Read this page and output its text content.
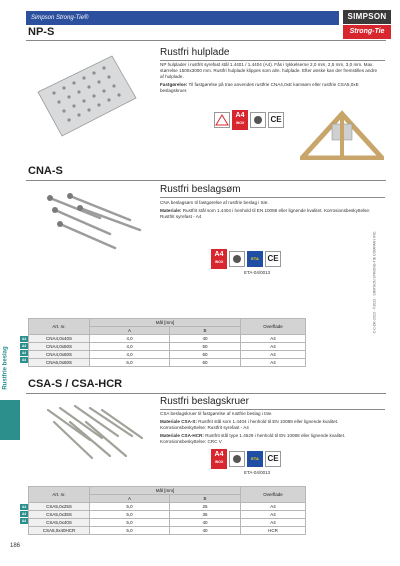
Simpson Strong-Tie®	SIMPSON
Strong-Tie
NP-S
Rustfri hulplade

NP hulplader i rustfrit syrefast stål 1.4401 / 1.4404 (A4). Fås i tykkelserne 2,0 mm, 2,5 mm, 3,0 mm. Max. størrelse 1500x3000 mm. Rustfri hulplade klippes som alm. hulplade. Efter ønske kan der fremstilles andre af hulplade.

Fastgørelse: Til fastgørelse på trae anvendes rustfrie CNA4,0xE kamsøm eller rustfrie CSA5,0xE beslagskruer.

A4
INOX	CE
CNA-S
Rustfri beslagsøm

CNA beslagsøm til fastgørelse af rustfrie beslag i træ.

Materiale: Rustfrit stål som 1.4404 i henhold til EN 10088 eller lignende kvalitet. Korrosionsbeskyttelse: Rustfrit syrefast - A4

A4
INOX
ETA	CE
ETA-04/0013
Art. nr.	Mål [mm]		Overflade
	A	B	
CNA4,0x40S	4,0	40	A4
CNA4,0x50S	4,0	50	A4
CNA4,0x60S	4,0	60	A4
CNA6,0x60S	6,0	60	A4
A4
A4
A4
A4
CSA-S / CSA-HCR
Rustfri beslagskruer

CSA beslagskruer til fastgørelse af rustfrie beslag i træ.

Materiale CSA-S: Rustfrit stål som 1.4404 i henhold til EN 10088 eller lignende kvalitet. Korrosionsbeskyttelse: Rustfrit syrefast - A4

Materiale CSA-HCR: Rustfrit stål type 1.4529 i henhold til EN 10088 eller lignende kvalitet. Korrosionsbeskyttelse: CRC V

A4
INOX
ETA	CE
ETA-04/0013
Art. nr.	Mål [mm]		Overflade
	A	B	
CSA5,0x25S	5,0	25	A4
CSA5,0x35S	5,0	35	A4
CSA5,0x40S	5,0	40	A4
CSA5,0x40HCR	5,0	40	HCR
A4
A4
A4
Rustfrie beslag
C-C-DK-2023 · ©2022 · SIMPSON STRONG-TIE COMPANY INC.
186
